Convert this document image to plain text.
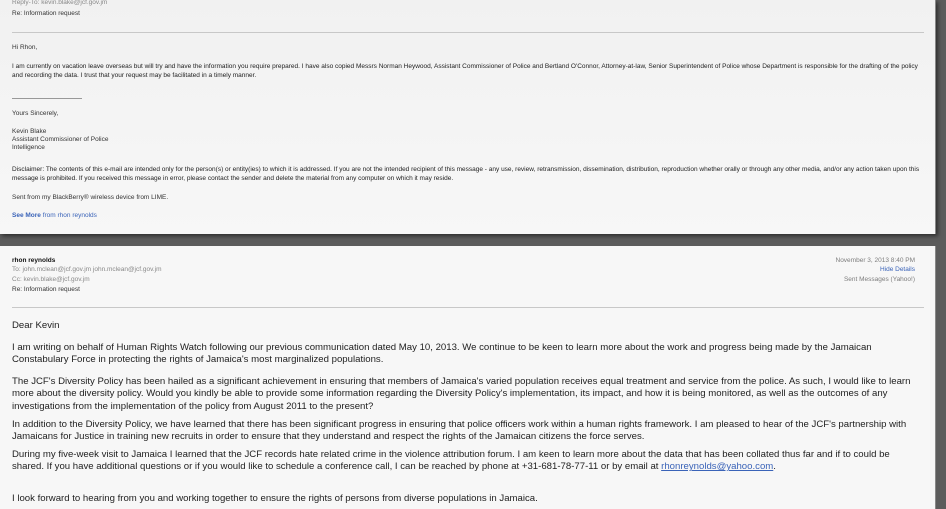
Reply-To: kevin.blake@jcf.gov.jm

Re: Information request

Hi Rhon,

I am currently on vacation leave overseas but will try and have the information you require prepared. I have also copied Messrs Norman Heywood, Assistant Commissioner of Police and Bertland O'Connor, Attorney-at-law, Senior Superintendent of Police whose Department is responsible for the drafting of the policy and recording the data. I trust that your request may be facilitated in a timely manner.

Yours Sincerely,

Kevin Blake

Assistant Commissioner of Police

Intelligence

Disclaimer: The contents of this e-mail are intended only for the person(s) or entity(ies) to which it is addressed. If you are not the intended recipient of this message - any use, review, retransmission, dissemination, distribution, reproduction whether orally or through any other media, and/or any action taken upon this message is prohibited. If you received this message in error, please contact the sender and delete the material from any computer on which it may reside.

Sent from my BlackBerry® wireless device from LIME.

See More from rhon reynolds

rhon reynolds

To: john.mclean@jcf.gov.jm john.mclean@jcf.gov.jm

Cc: kevin.blake@jcf.gov.jm

Re: Information request

November 3, 2013 8:40 PM
Hide Details
Sent Messages (Yahoo!)

Dear Kevin

I am writing on behalf of Human Rights Watch following our previous communication dated May 10, 2013. We continue to be keen to learn more about the work and progress being made by the Jamaican Constabulary Force in protecting the rights of Jamaica's most marginalized populations.

The JCF's Diversity Policy has been hailed as a significant achievement in ensuring that members of Jamaica's varied population receives equal treatment and service from the police. As such, I would like to learn more about the diversity policy. Would you kindly be able to provide some information regarding the Diversity Policy's implementation, its impact, and how it is being monitored, as well as the outcomes of any investigations from the implementation of the policy from August 2011 to the present?

In addition to the Diversity Policy, we have learned that there has been significant progress in ensuring that police officers work within a human rights framework. I am pleased to hear of the JCF's partnership with Jamaicans for Justice in training new recruits in order to ensure that they understand and respect the rights of the Jamaican citizens the force serves.

During my five-week visit to Jamaica I learned that the JCF records hate related crime in the violence attribution forum. I am keen to learn more about the data that has been collated thus far and if to could be shared. If you have additional questions or if you would like to schedule a conference call, I can be reached by phone at +31-681-78-77-11 or by email at rhonreynolds@yahoo.com.

I look forward to hearing from you and working together to ensure the rights of persons from diverse populations in Jamaica.
